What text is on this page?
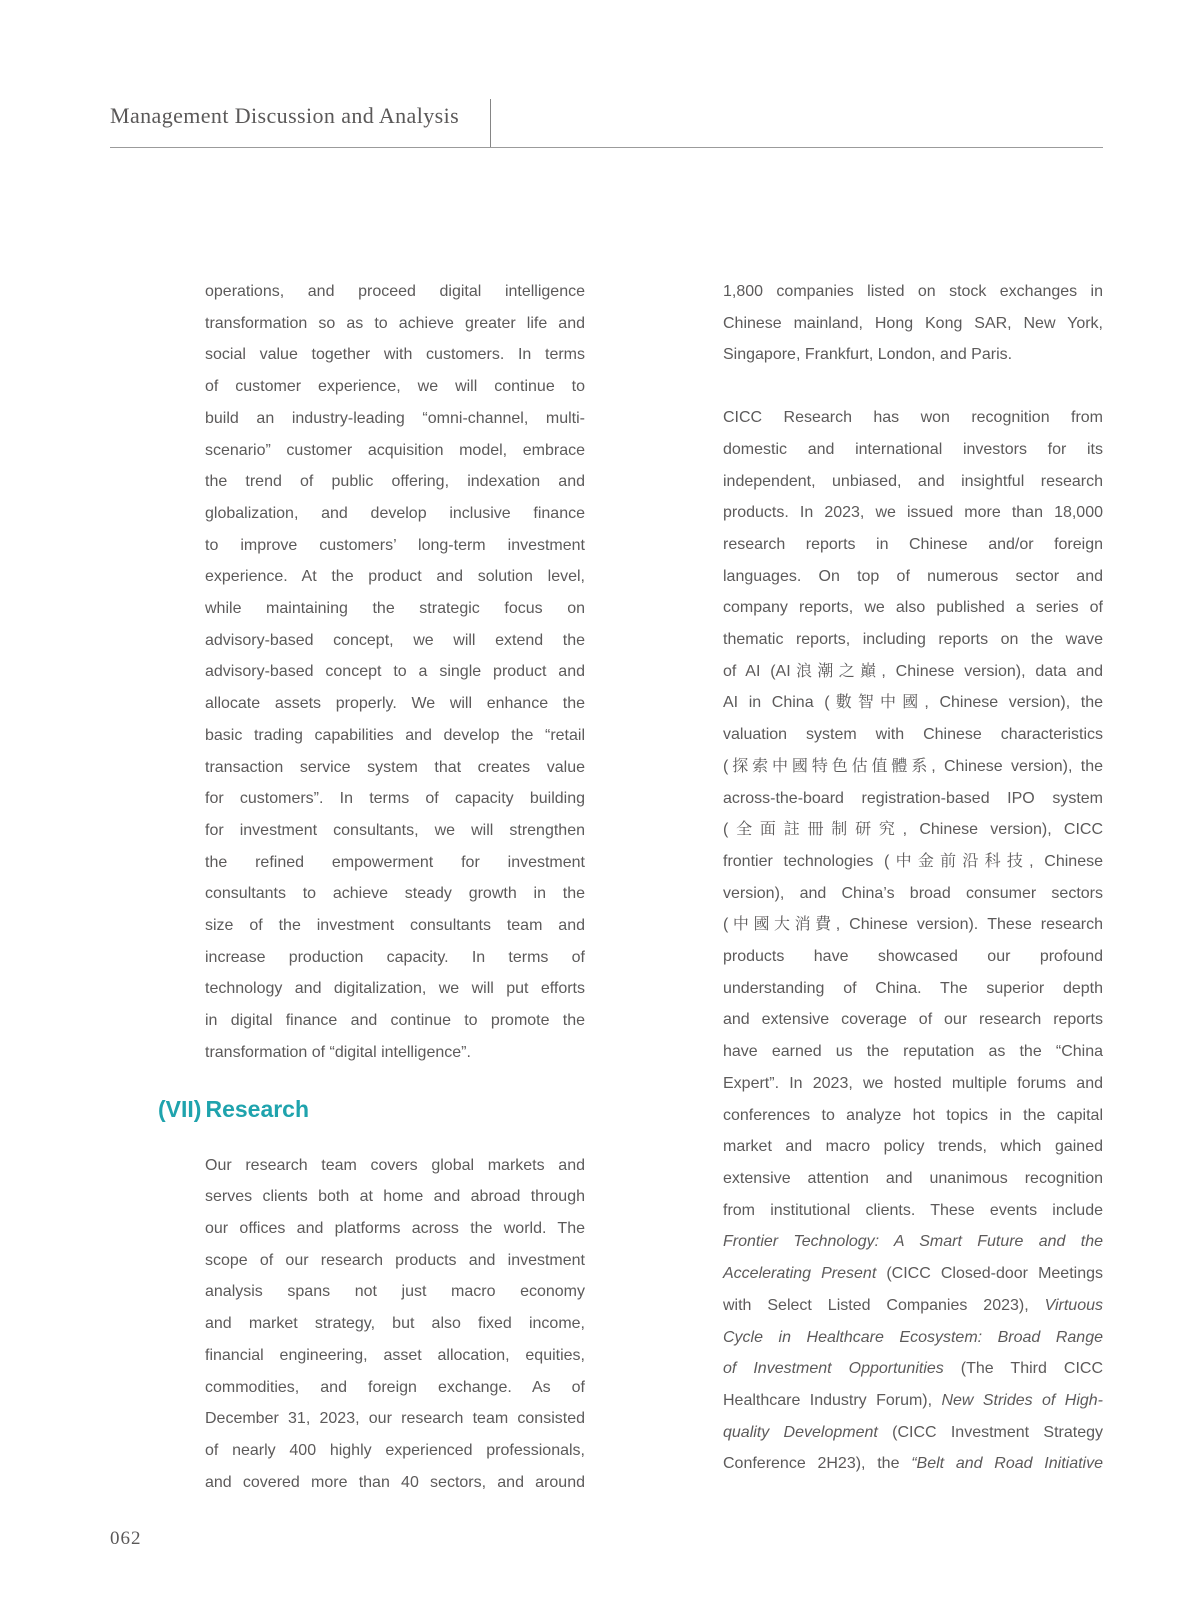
Management Discussion and Analysis
operations, and proceed digital intelligence
transformation so as to achieve greater life and
social value together with customers. In terms
of customer experience, we will continue to
build an industry-leading “omni-channel, multi-
scenario” customer acquisition model, embrace
the trend of public offering, indexation and
globalization, and develop inclusive finance
to improve customers’ long-term investment
experience. At the product and solution level,
while maintaining the strategic focus on
advisory-based concept, we will extend the
advisory-based concept to a single product and
allocate assets properly. We will enhance the
basic trading capabilities and develop the “retail
transaction service system that creates value
for customers”. In terms of capacity building
for investment consultants, we will strengthen
the refined empowerment for investment
consultants to achieve steady growth in the
size of the investment consultants team and
increase production capacity. In terms of
technology and digitalization, we will put efforts
in digital finance and continue to promote the
transformation of “digital intelligence”.
(VII) Research
Our research team covers global markets and
serves clients both at home and abroad through
our offices and platforms across the world. The
scope of our research products and investment
analysis spans not just macro economy
and market strategy, but also fixed income,
financial engineering, asset allocation, equities,
commodities, and foreign exchange. As of
December 31, 2023, our research team consisted
of nearly 400 highly experienced professionals,
and covered more than 40 sectors, and around
1,800 companies listed on stock exchanges in
Chinese mainland, Hong Kong SAR, New York,
Singapore, Frankfurt, London, and Paris.
CICC Research has won recognition from
domestic and international investors for its
independent, unbiased, and insightful research
products. In 2023, we issued more than 18,000
research reports in Chinese and/or foreign
languages. On top of numerous sector and
company reports, we also published a series of
thematic reports, including reports on the wave
of AI (AI浪潮之巔, Chinese version), data and
AI in China (數智中國, Chinese version), the
valuation system with Chinese characteristics
(探索中國特色估值體系, Chinese version), the
across-the-board registration-based IPO system
(全面註冊制研究, Chinese version), CICC
frontier technologies (中金前沿科技, Chinese
version), and China’s broad consumer sectors
(中國大消費, Chinese version). These research
products have showcased our profound
understanding of China. The superior depth
and extensive coverage of our research reports
have earned us the reputation as the “China
Expert”. In 2023, we hosted multiple forums and
conferences to analyze hot topics in the capital
market and macro policy trends, which gained
extensive attention and unanimous recognition
from institutional clients. These events include
Frontier Technology: A Smart Future and the
Accelerating Present (CICC Closed-door Meetings
with Select Listed Companies 2023), Virtuous
Cycle in Healthcare Ecosystem: Broad Range
of Investment Opportunities (The Third CICC
Healthcare Industry Forum), New Strides of High-
quality Development (CICC Investment Strategy
Conference 2H23), the “Belt and Road Initiative
062
